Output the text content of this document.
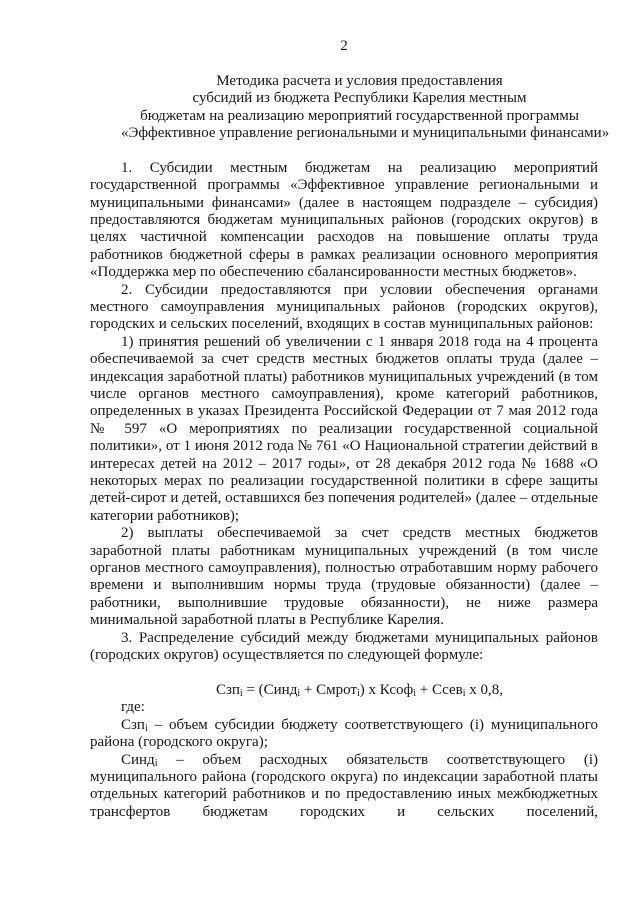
2
Методика расчета и условия предоставления
субсидий из бюджета Республики Карелия местным
бюджетам на реализацию мероприятий государственной программы
«Эффективное управление региональными и муниципальными финансами»

1. Субсидии местным бюджетам на реализацию мероприятий государственной программы «Эффективное управление региональными и муниципальными финансами» (далее в настоящем подразделе – субсидия) предоставляются бюджетам муниципальных районов (городских округов) в целях частичной компенсации расходов на повышение оплаты труда работников бюджетной сферы в рамках реализации основного мероприятия «Поддержка мер по обеспечению сбалансированности местных бюджетов».

2. Субсидии предоставляются при условии обеспечения органами местного самоуправления муниципальных районов (городских округов), городских и сельских поселений, входящих в состав муниципальных районов:

1) принятия решений об увеличении с 1 января 2018 года на 4 процента обеспечиваемой за счет средств местных бюджетов оплаты труда (далее – индексация заработной платы) работников муниципальных учреждений (в том числе органов местного самоуправления), кроме категорий работников, определенных в указах Президента Российской Федерации от 7 мая 2012 года № 597 «О мероприятиях по реализации государственной социальной политики», от 1 июня 2012 года № 761 «О Национальной стратегии действий в интересах детей на 2012 – 2017 годы», от 28 декабря 2012 года № 1688 «О некоторых мерах по реализации государственной политики в сфере защиты детей-сирот и детей, оставшихся без попечения родителей» (далее – отдельные категории работников);

2) выплаты обеспечиваемой за счет средств местных бюджетов заработной платы работникам муниципальных учреждений (в том числе органов местного самоуправления), полностью отработавшим норму рабочего времени и выполнившим нормы труда (трудовые обязанности) (далее – работники, выполнившие трудовые обязанности), не ниже размера минимальной заработной платы в Республике Карелия.

3. Распределение субсидий между бюджетами муниципальных районов (городских округов) осуществляется по следующей формуле:

Сзп$_i$ = (Синд$_i$ + Смрот$_i$) х Ксоф$_i$ + Ссев$_i$ х 0,8,

где:

Сзп$_i$ – объем субсидии бюджету соответствующего (i) муниципального района (городского округа);

Синд$_i$ – объем расходных обязательств соответствующего (i) муниципального района (городского округа) по индексации заработной платы отдельных категорий работников и по предоставлению иных межбюджетных трансфертов бюджетам городских и сельских поселений,
